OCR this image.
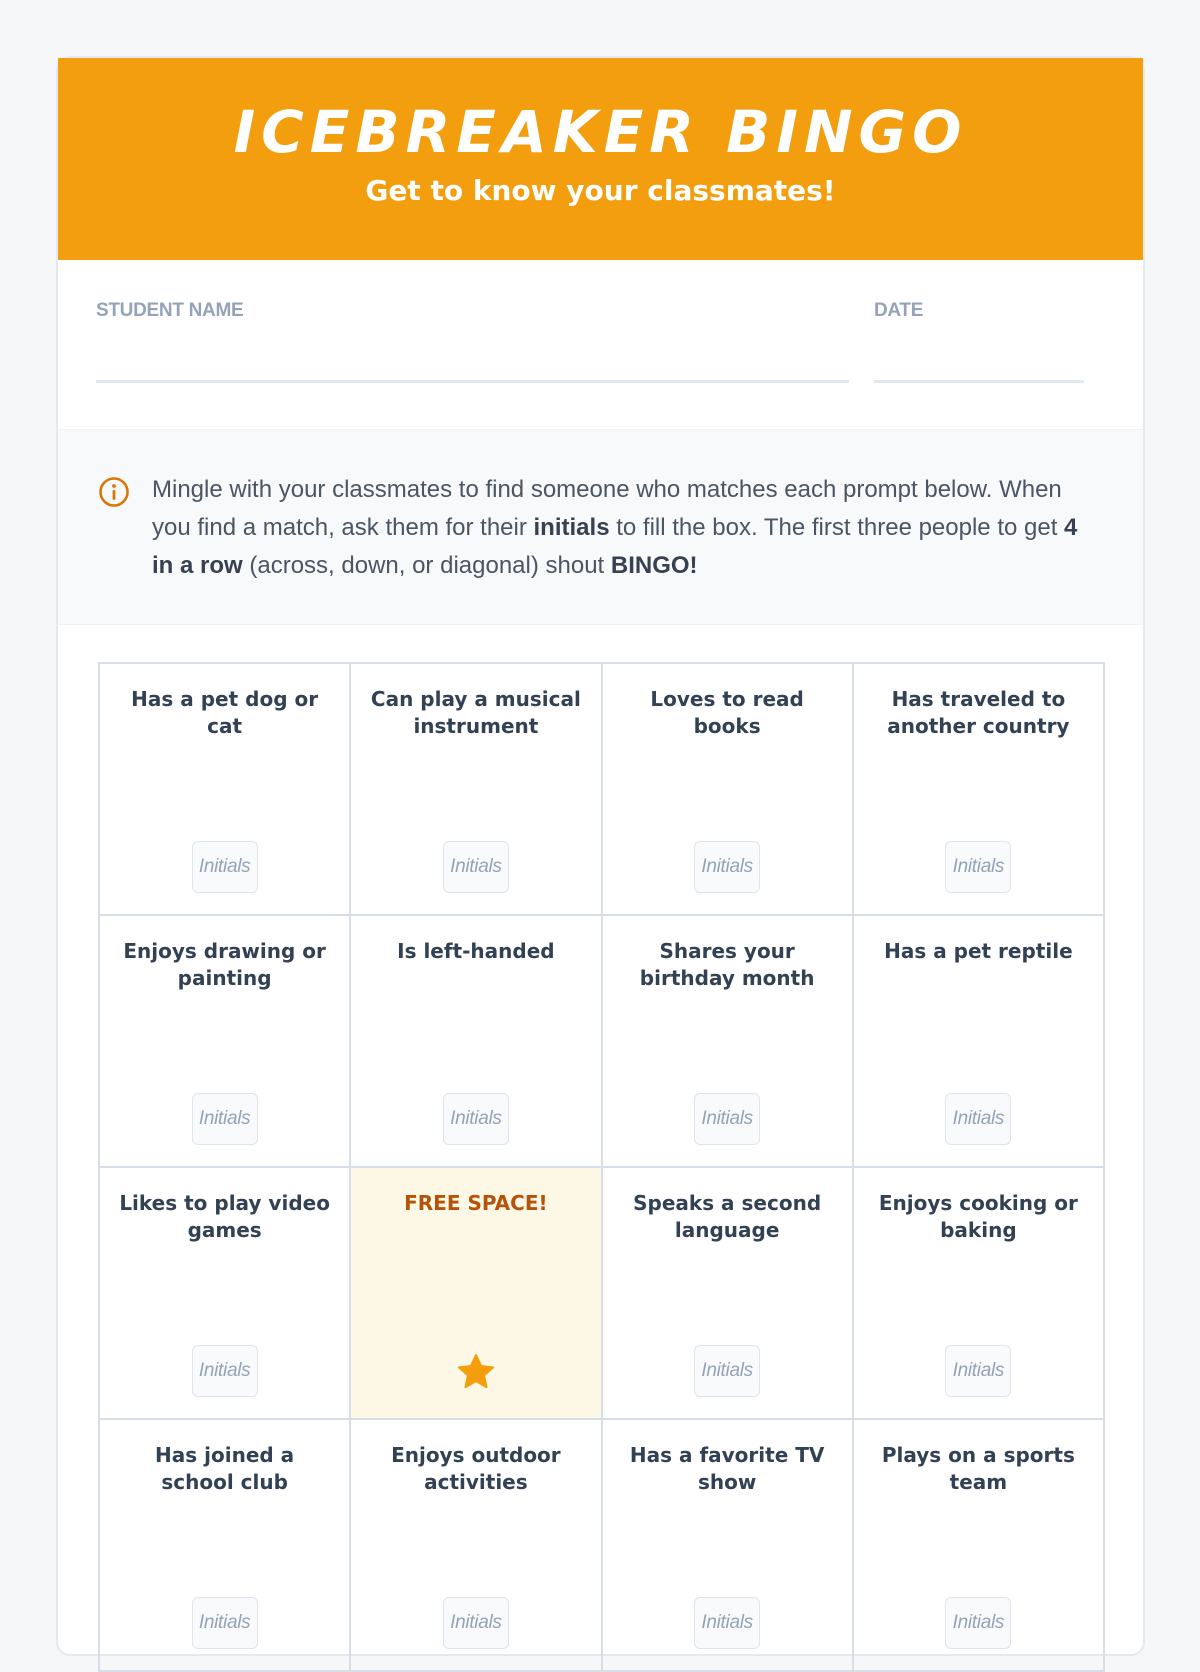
ICEBREAKER BINGO
Get to know your classmates!
STUDENT NAME	DATE
Mingle with your classmates to find someone who matches each prompt below. When you find a match, ask them for their initials to fill the box. The first three people to get 4 in a row (across, down, or diagonal) shout BINGO!
Has a pet dog or cat
Initials
Can play a musical instrument
Initials
Loves to read books
Initials
Has traveled to another country
Initials
Enjoys drawing or painting
Initials
Is left-handed
Initials
Shares your birthday month
Initials
Has a pet reptile
Initials
Likes to play video games
Initials
FREE SPACE!	Speaks a second language
Initials
Enjoys cooking or baking
Initials
Has joined a school club
Initials
Enjoys outdoor activities
Initials
Has a favorite TV show
Initials
Plays on a sports team
Initials
